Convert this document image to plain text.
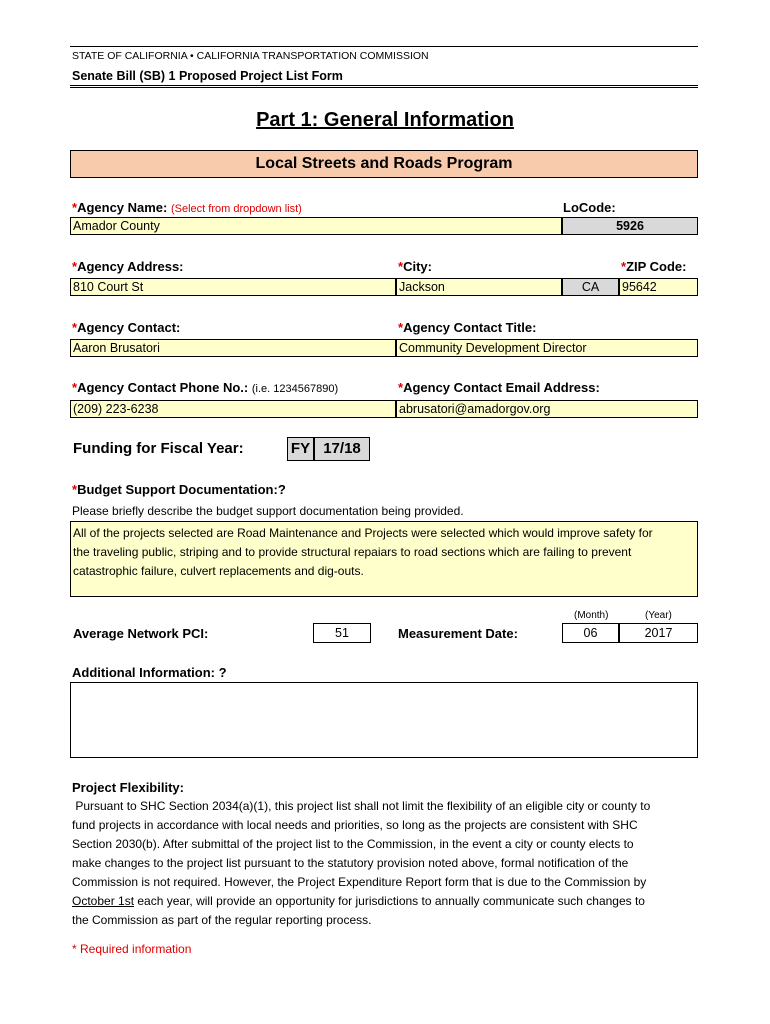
STATE OF CALIFORNIA • CALIFORNIA TRANSPORTATION COMMISSION
Senate Bill (SB) 1 Proposed Project List Form
Part 1: General Information
Local Streets and Roads Program
*Agency Name: (Select from dropdown list)	LoCode:
Amador County	5926
*Agency Address:	*City:	*ZIP Code:
810 Court St	Jackson	CA	95642
*Agency Contact:	*Agency Contact Title:
Aaron Brusatori	Community Development Director
*Agency Contact Phone No.: (i.e. 1234567890)	*Agency Contact Email Address:
(209) 223-6238	abrusatori@amadorgov.org
Funding for Fiscal Year:	FY 17/18
*Budget Support Documentation:?
Please briefly describe the budget support documentation being provided.
All of the projects selected are Road Maintenance and Projects were selected which would improve safety for
the traveling public, striping and to provide structural repaiars to road sections which are failing to prevent
catastrophic failure, culvert replacements and dig-outs.
(Month)	(Year)
Average Network PCI:	51	Measurement Date:	06	2017
Additional Information: ?
Project Flexibility:
Pursuant to SHC Section 2034(a)(1), this project list shall not limit the flexibility of an eligible city or county to
fund projects in accordance with local needs and priorities, so long as the projects are consistent with SHC
Section 2030(b). After submittal of the project list to the Commission, in the event a city or county elects to
make changes to the project list pursuant to the statutory provision noted above, formal notification of the
Commission is not required. However, the Project Expenditure Report form that is due to the Commission by
October 1st each year, will provide an opportunity for jurisdictions to annually communicate such changes to
the Commission as part of the regular reporting process.
* Required information
